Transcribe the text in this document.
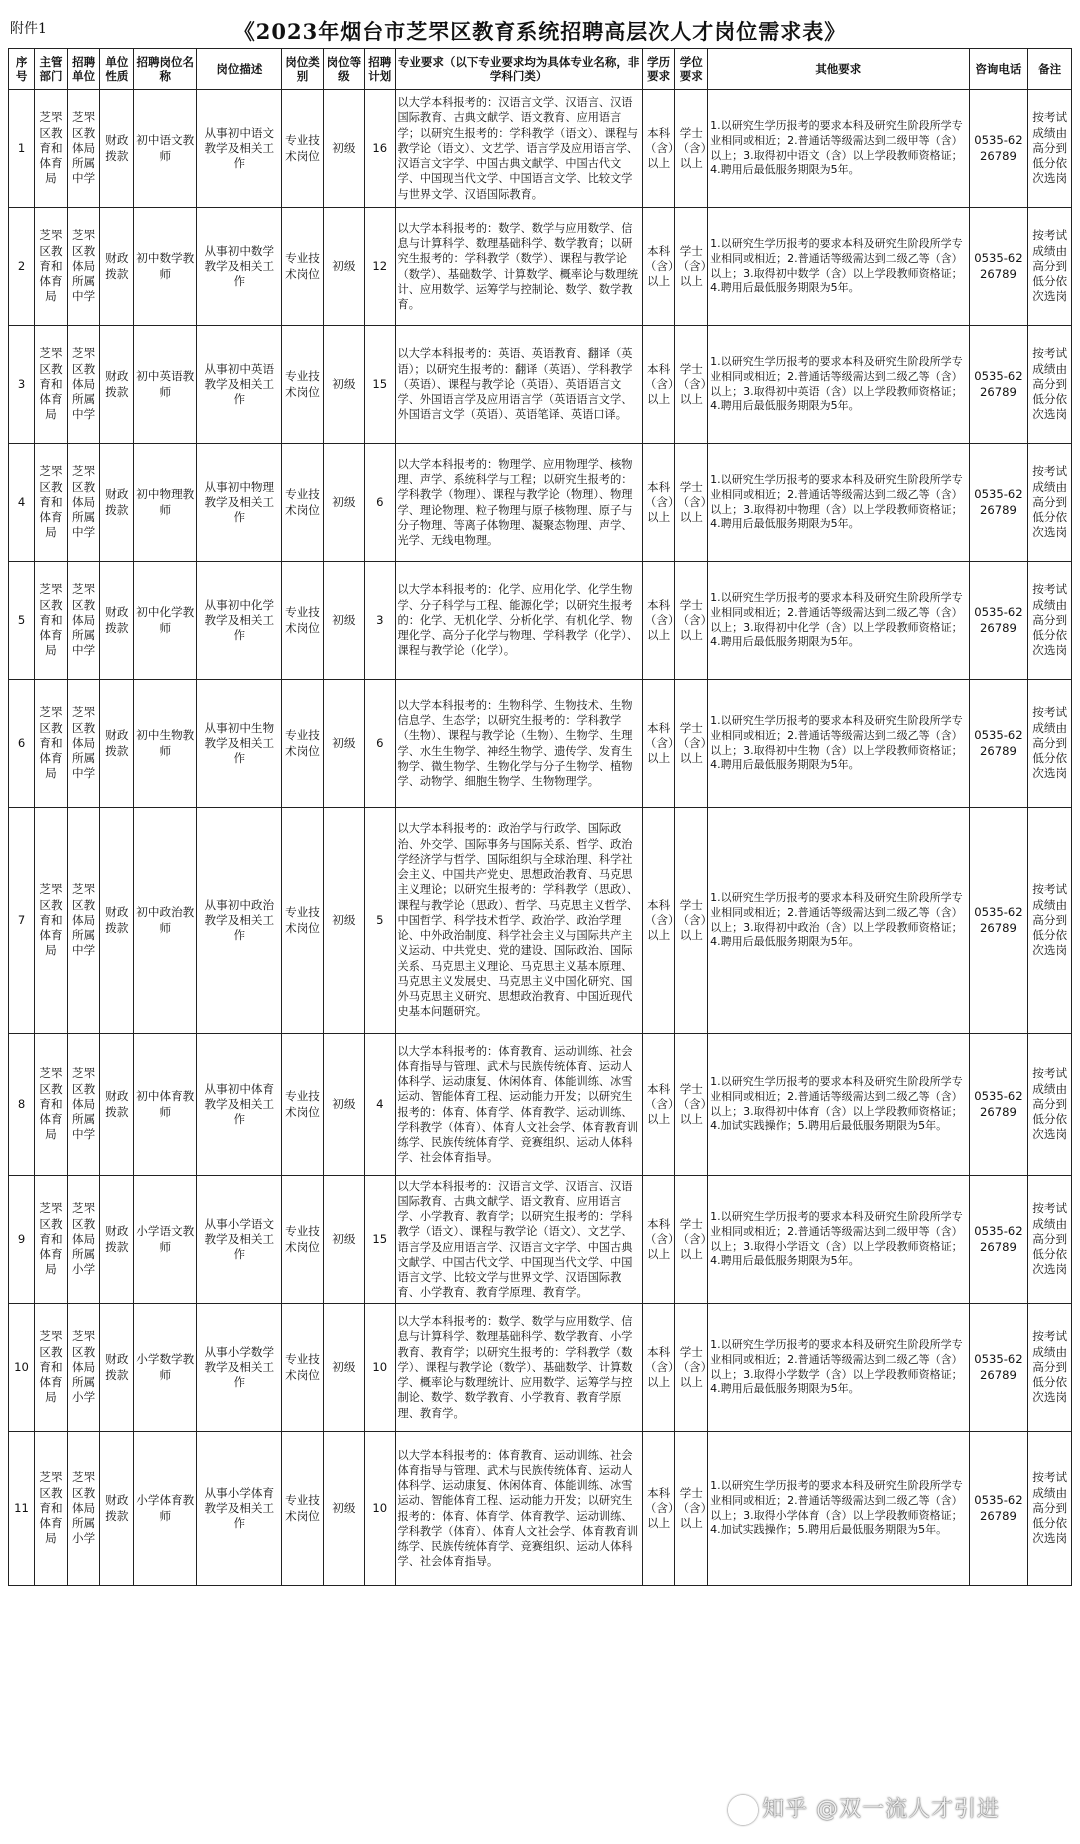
附件1	《2023年烟台市芝罘区教育系统招聘高层次人才岗位需求表》
序号	主管部门	招聘单位	单位性质	招聘岗位名称	岗位描述	岗位类别	岗位等级	招聘计划	专业要求（以下专业要求均为具体专业名称，非学科门类）	学历要求	学位要求	其他要求	咨询电话	备注
1	芝罘区教育和体育局	芝罘区教体局所属中学	财政拨款	初中语文教师	从事初中语文教学及相关工作	专业技术岗位	初级	16	以大学本科报考的：汉语言文学、汉语言、汉语国际教育、古典文献学、语文教育、应用语言学；以研究生报考的：学科教学（语文）、课程与教学论（语文）、文艺学、语言学及应用语言学、汉语言文字学、中国古典文献学、中国古代文学、中国现当代文学、中国语言文学、比较文学与世界文学、汉语国际教育。	本科（含）以上	学士（含）以上	1.以研究生学历报考的要求本科及研究生阶段所学专业相同或相近；2.普通话等级需达到二级甲等（含）以上；3.取得初中语文（含）以上学段教师资格证；4.聘用后最低服务期限为5年。	0535-6226789	按考试成绩由高分到低分依次选岗
2	芝罘区教育和体育局	芝罘区教体局所属中学	财政拨款	初中数学教师	从事初中数学教学及相关工作	专业技术岗位	初级	12	以大学本科报考的：数学、数学与应用数学、信息与计算科学、数理基础科学、数学教育；以研究生报考的：学科教学（数学）、课程与教学论（数学）、基础数学、计算数学、概率论与数理统计、应用数学、运筹学与控制论、数学、数学教育。	本科（含）以上	学士（含）以上	1.以研究生学历报考的要求本科及研究生阶段所学专业相同或相近；2.普通话等级需达到二级乙等（含）以上；3.取得初中数学（含）以上学段教师资格证；4.聘用后最低服务期限为5年。	0535-6226789	按考试成绩由高分到低分依次选岗
3	芝罘区教育和体育局	芝罘区教体局所属中学	财政拨款	初中英语教师	从事初中英语教学及相关工作	专业技术岗位	初级	15	以大学本科报考的：英语、英语教育、翻译（英语）；以研究生报考的：翻译（英语）、学科教学（英语）、课程与教学论（英语）、英语语言文学、外国语言学及应用语言学（英语语言文学、外国语言文学（英语）、英语笔译、英语口译。	本科（含）以上	学士（含）以上	1.以研究生学历报考的要求本科及研究生阶段所学专业相同或相近；2.普通话等级需达到二级乙等（含）以上；3.取得初中英语（含）以上学段教师资格证；4.聘用后最低服务期限为5年。	0535-6226789	按考试成绩由高分到低分依次选岗
4	芝罘区教育和体育局	芝罘区教体局所属中学	财政拨款	初中物理教师	从事初中物理教学及相关工作	专业技术岗位	初级	6	以大学本科报考的：物理学、应用物理学、核物理、声学、系统科学与工程；以研究生报考的：学科教学（物理）、课程与教学论（物理）、物理学、理论物理、粒子物理与原子核物理、原子与分子物理、等离子体物理、凝聚态物理、声学、光学、无线电物理。	本科（含）以上	学士（含）以上	1.以研究生学历报考的要求本科及研究生阶段所学专业相同或相近；2.普通话等级需达到二级乙等（含）以上；3.取得初中物理（含）以上学段教师资格证；4.聘用后最低服务期限为5年。	0535-6226789	按考试成绩由高分到低分依次选岗
5	芝罘区教育和体育局	芝罘区教体局所属中学	财政拨款	初中化学教师	从事初中化学教学及相关工作	专业技术岗位	初级	3	以大学本科报考的：化学、应用化学、化学生物学、分子科学与工程、能源化学；以研究生报考的：化学、无机化学、分析化学、有机化学、物理化学、高分子化学与物理、学科教学（化学）、课程与教学论（化学）。	本科（含）以上	学士（含）以上	1.以研究生学历报考的要求本科及研究生阶段所学专业相同或相近；2.普通话等级需达到二级乙等（含）以上；3.取得初中化学（含）以上学段教师资格证；4.聘用后最低服务期限为5年。	0535-6226789	按考试成绩由高分到低分依次选岗
6	芝罘区教育和体育局	芝罘区教体局所属中学	财政拨款	初中生物教师	从事初中生物教学及相关工作	专业技术岗位	初级	6	以大学本科报考的：生物科学、生物技术、生物信息学、生态学；以研究生报考的：学科教学（生物）、课程与教学论（生物）、生物学、生理学、水生生物学、神经生物学、遗传学、发育生物学、微生物学、生物化学与分子生物学、植物学、动物学、细胞生物学、生物物理学。	本科（含）以上	学士（含）以上	1.以研究生学历报考的要求本科及研究生阶段所学专业相同或相近；2.普通话等级需达到二级乙等（含）以上；3.取得初中生物（含）以上学段教师资格证；4.聘用后最低服务期限为5年。	0535-6226789	按考试成绩由高分到低分依次选岗
7	芝罘区教育和体育局	芝罘区教体局所属中学	财政拨款	初中政治教师	从事初中政治教学及相关工作	专业技术岗位	初级	5	以大学本科报考的：政治学与行政学、国际政治、外交学、国际事务与国际关系、哲学、政治学经济学与哲学、国际组织与全球治理、科学社会主义、中国共产党史、思想政治教育、马克思主义理论；以研究生报考的：学科教学（思政）、课程与教学论（思政）、哲学、马克思主义哲学、中国哲学、科学技术哲学、政治学、政治学理论、中外政治制度、科学社会主义与国际共产主义运动、中共党史、党的建设、国际政治、国际关系、马克思主义理论、马克思主义基本原理、马克思主义发展史、马克思主义中国化研究、国外马克思主义研究、思想政治教育、中国近现代史基本问题研究。	本科（含）以上	学士（含）以上	1.以研究生学历报考的要求本科及研究生阶段所学专业相同或相近；2.普通话等级需达到二级乙等（含）以上；3.取得初中政治（含）以上学段教师资格证；4.聘用后最低服务期限为5年。	0535-6226789	按考试成绩由高分到低分依次选岗
8	芝罘区教育和体育局	芝罘区教体局所属中学	财政拨款	初中体育教师	从事初中体育教学及相关工作	专业技术岗位	初级	4	以大学本科报考的：体育教育、运动训练、社会体育指导与管理、武术与民族传统体育、运动人体科学、运动康复、休闲体育、体能训练、冰雪运动、智能体育工程、运动能力开发；以研究生报考的：体育、体育学、体育教学、运动训练、学科教学（体育）、体育人文社会学、体育教育训练学、民族传统体育学、竞赛组织、运动人体科学、社会体育指导。	本科（含）以上	学士（含）以上	1.以研究生学历报考的要求本科及研究生阶段所学专业相同或相近；2.普通话等级需达到二级乙等（含）以上；3.取得初中体育（含）以上学段教师资格证；4.加试实践操作；5.聘用后最低服务期限为5年。	0535-6226789	按考试成绩由高分到低分依次选岗
9	芝罘区教育和体育局	芝罘区教体局所属小学	财政拨款	小学语文教师	从事小学语文教学及相关工作	专业技术岗位	初级	15	以大学本科报考的：汉语言文学、汉语言、汉语国际教育、古典文献学、语文教育、应用语言学、小学教育、教育学；以研究生报考的：学科教学（语文）、课程与教学论（语文）、文艺学、语言学及应用语言学、汉语言文字学、中国古典文献学、中国古代文学、中国现当代文学、中国语言文学、比较文学与世界文学、汉语国际教育、小学教育、教育学原理、教育学。	本科（含）以上	学士（含）以上	1.以研究生学历报考的要求本科及研究生阶段所学专业相同或相近；2.普通话等级需达到二级甲等（含）以上；3.取得小学语文（含）以上学段教师资格证；4.聘用后最低服务期限为5年。	0535-6226789	按考试成绩由高分到低分依次选岗
10	芝罘区教育和体育局	芝罘区教体局所属小学	财政拨款	小学数学教师	从事小学数学教学及相关工作	专业技术岗位	初级	10	以大学本科报考的：数学、数学与应用数学、信息与计算科学、数理基础科学、数学教育、小学教育、教育学；以研究生报考的：学科教学（数学）、课程与教学论（数学）、基础数学、计算数学、概率论与数理统计、应用数学、运筹学与控制论、数学、数学教育、小学教育、教育学原理、教育学。	本科（含）以上	学士（含）以上	1.以研究生学历报考的要求本科及研究生阶段所学专业相同或相近；2.普通话等级需达到二级乙等（含）以上；3.取得小学数学（含）以上学段教师资格证；4.聘用后最低服务期限为5年。	0535-6226789	按考试成绩由高分到低分依次选岗
11	芝罘区教育和体育局	芝罘区教体局所属小学	财政拨款	小学体育教师	从事小学体育教学及相关工作	专业技术岗位	初级	10	以大学本科报考的：体育教育、运动训练、社会体育指导与管理、武术与民族传统体育、运动人体科学、运动康复、休闲体育、体能训练、冰雪运动、智能体育工程、运动能力开发；以研究生报考的：体育、体育学、体育教学、运动训练、学科教学（体育）、体育人文社会学、体育教育训练学、民族传统体育学、竞赛组织、运动人体科学、社会体育指导。	本科（含）以上	学士（含）以上	1.以研究生学历报考的要求本科及研究生阶段所学专业相同或相近；2.普通话等级需达到二级乙等（含）以上；3.取得小学体育（含）以上学段教师资格证；4.加试实践操作；5.聘用后最低服务期限为5年。	0535-6226789	按考试成绩由高分到低分依次选岗
知乎 @双一流人才引进
